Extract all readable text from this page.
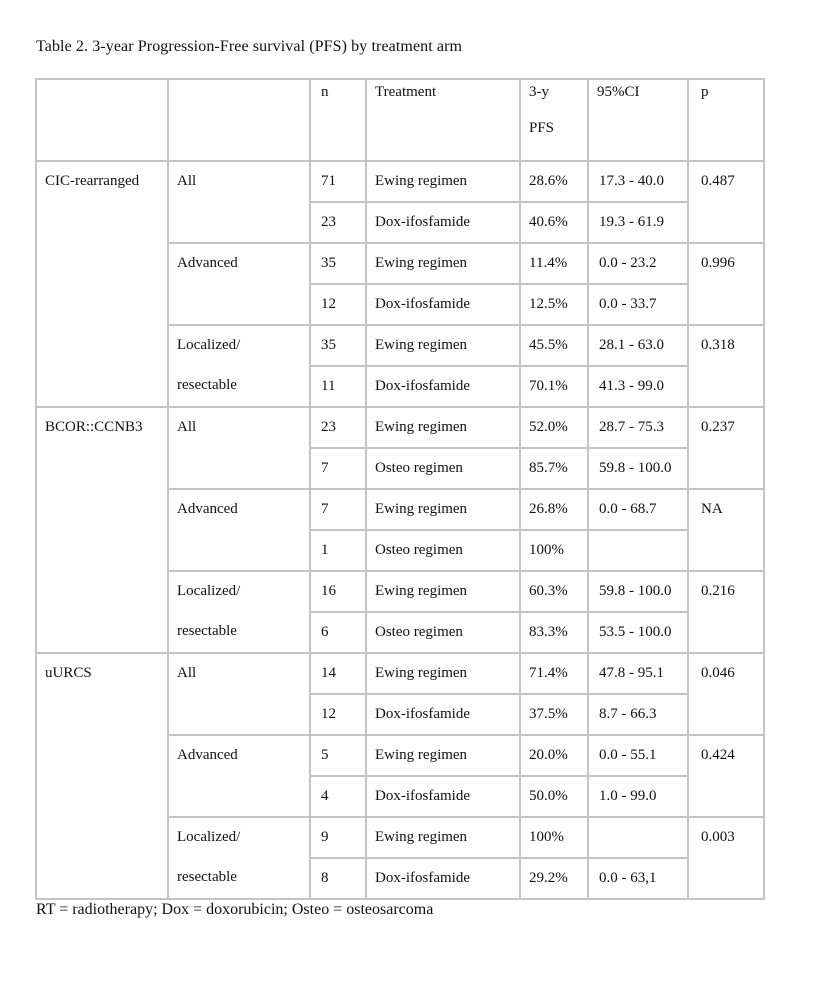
Table 2. 3-year Progression-Free survival (PFS) by treatment arm
		n	Treatment	3-y
PFS	95%CI	p
CIC-rearranged	All	71	Ewing regimen	28.6%	17.3 - 40.0	0.487
		23	Dox-ifosfamide	40.6%	19.3 - 61.9	
	Advanced	35	Ewing regimen	11.4%	0.0 - 23.2	0.996
		12	Dox-ifosfamide	12.5%	0.0 - 33.7	
	Localized/	35	Ewing regimen	45.5%	28.1 - 63.0	0.318
	resectable	11	Dox-ifosfamide	70.1%	41.3 - 99.0	
BCOR::CCNB3	All	23	Ewing regimen	52.0%	28.7 - 75.3	0.237
		7	Osteo regimen	85.7%	59.8 - 100.0	
	Advanced	7	Ewing regimen	26.8%	0.0 - 68.7	NA
		1	Osteo regimen	100%		
	Localized/	16	Ewing regimen	60.3%	59.8 - 100.0	0.216
	resectable	6	Osteo regimen	83.3%	53.5 - 100.0	
uURCS	All	14	Ewing regimen	71.4%	47.8 - 95.1	0.046
		12	Dox-ifosfamide	37.5%	8.7 - 66.3	
	Advanced	5	Ewing regimen	20.0%	0.0 - 55.1	0.424
		4	Dox-ifosfamide	50.0%	1.0 - 99.0	
	Localized/	9	Ewing regimen	100%		0.003
	resectable	8	Dox-ifosfamide	29.2%	0.0 - 63,1	
RT = radiotherapy; Dox = doxorubicin; Osteo = osteosarcoma
